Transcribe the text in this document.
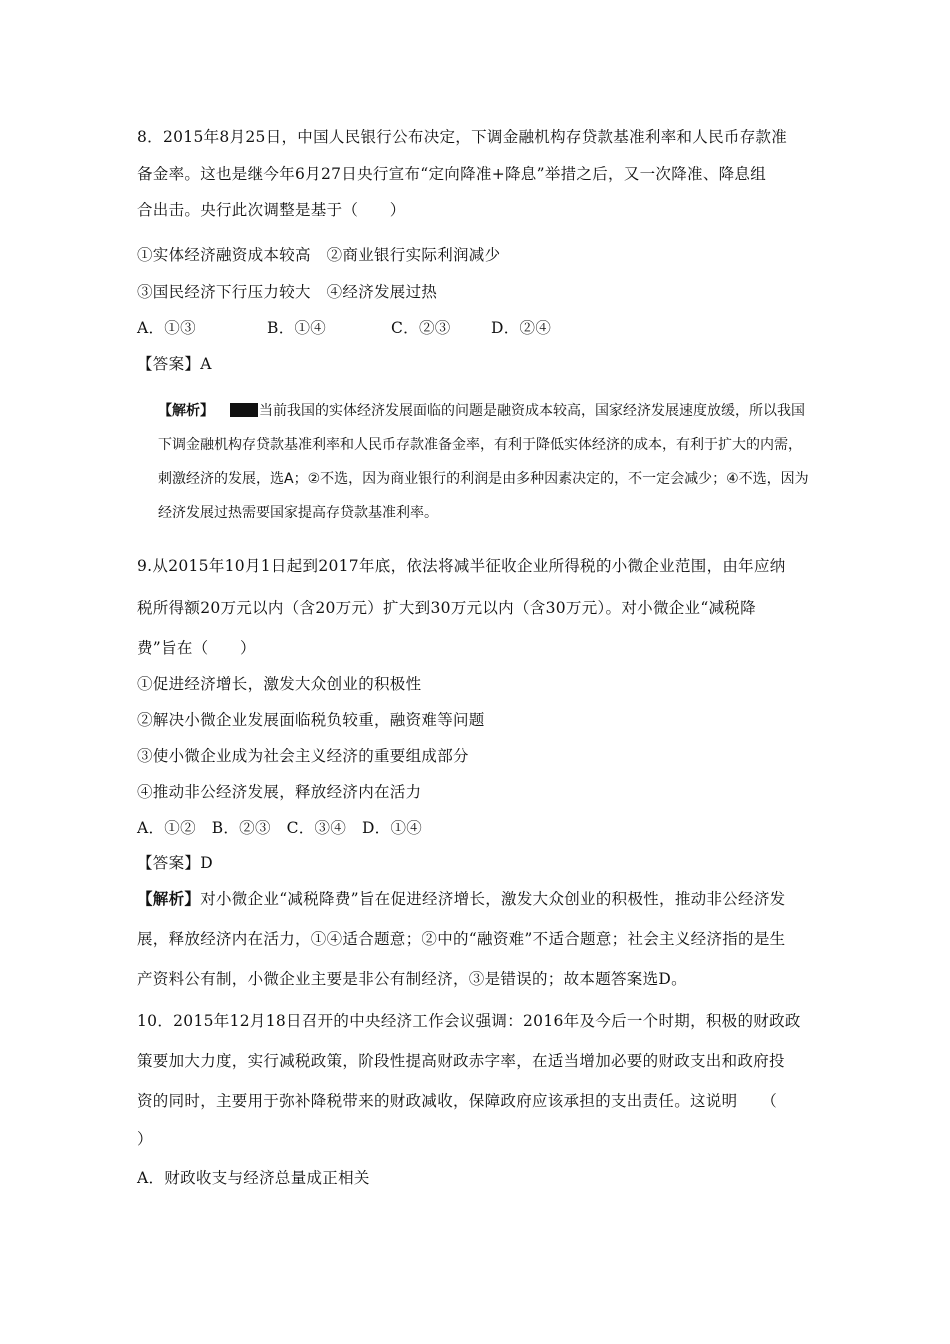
8．2015年8月25日，中国人民银行公布决定，下调金融机构存贷款基准利率和人民币存款准
备金率。这也是继今年6月27日央行宣布“定向降准+降息”举措之后，又一次降准、降息组
合出击。央行此次调整是基于（　　）
①实体经济融资成本较高　②商业银行实际利润减少
③国民经济下行压力较大　④经济发展过热
A．①③	B．①④	C．②③	D．②④
【答案】A
【解析】	当前我国的实体经济发展面临的问题是融资成本较高，国家经济发展速度放缓，所以我国
下调金融机构存贷款基准利率和人民币存款准备金率，有利于降低实体经济的成本，有利于扩大的内需，
刺激经济的发展，选A；②不选，因为商业银行的利润是由多种因素决定的，不一定会减少；④不选，因为
经济发展过热需要国家提高存贷款基准利率。
9.从2015年10月1日起到2017年底，依法将减半征收企业所得税的小微企业范围，由年应纳
税所得额20万元以内（含20万元）扩大到30万元以内（含30万元）。对小微企业“减税降
费”旨在（　　）
①促进经济增长，激发大众创业的积极性
②解决小微企业发展面临税负较重，融资难等问题
③使小微企业成为社会主义经济的重要组成部分
④推动非公经济发展，释放经济内在活力
A．①②　B．②③　C．③④　D．①④
【答案】D
【解析】对小微企业“减税降费”旨在促进经济增长，激发大众创业的积极性，推动非公经济发
展，释放经济内在活力，①④适合题意；②中的“融资难”不适合题意；社会主义经济指的是生
产资料公有制，小微企业主要是非公有制经济，③是错误的；故本题答案选D。
10．2015年12月18日召开的中央经济工作会议强调：2016年及今后一个时期，积极的财政政
策要加大力度，实行减税政策，阶段性提高财政赤字率，在适当增加必要的财政支出和政府投
资的同时，主要用于弥补降税带来的财政减收，保障政府应该承担的支出责任。这说明　　（
）
A．财政收支与经济总量成正相关
